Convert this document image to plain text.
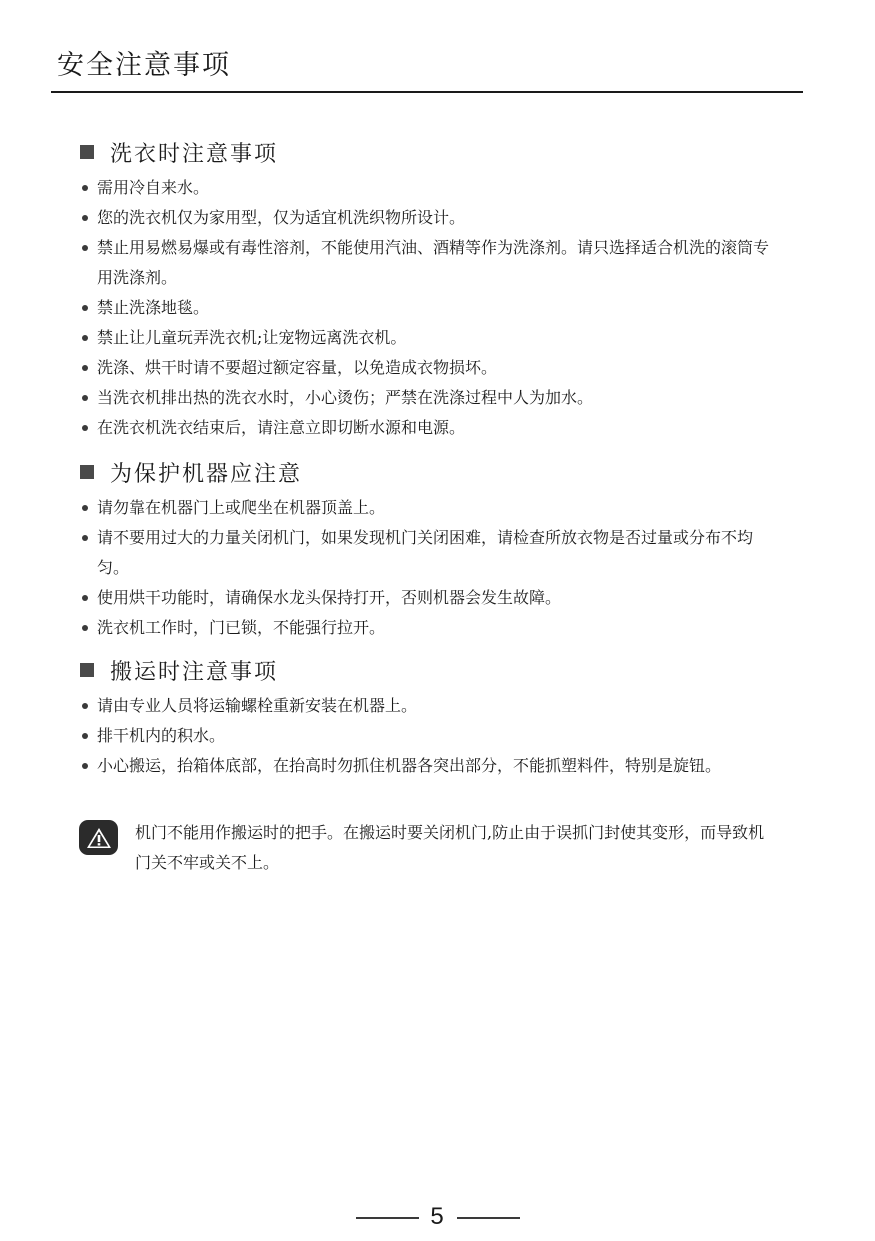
安全注意事项
洗衣时注意事项
需用冷自来水。
您的洗衣机仅为家用型，仅为适宜机洗织物所设计。
禁止用易燃易爆或有毒性溶剂，不能使用汽油、酒精等作为洗涤剂。请只选择适合机洗的滚筒专用洗涤剂。
禁止洗涤地毯。
禁止让儿童玩弄洗衣机;让宠物远离洗衣机。
洗涤、烘干时请不要超过额定容量，以免造成衣物损坏。
当洗衣机排出热的洗衣水时，小心烫伤；严禁在洗涤过程中人为加水。
在洗衣机洗衣结束后，请注意立即切断水源和电源。
为保护机器应注意
请勿靠在机器门上或爬坐在机器顶盖上。
请不要用过大的力量关闭机门，如果发现机门关闭困难，请检查所放衣物是否过量或分布不均匀。
使用烘干功能时，请确保水龙头保持打开，否则机器会发生故障。
洗衣机工作时，门已锁，不能强行拉开。
搬运时注意事项
请由专业人员将运输螺栓重新安装在机器上。
排干机内的积水。
小心搬运，抬箱体底部，在抬高时勿抓住机器各突出部分，不能抓塑料件，特别是旋钮。
机门不能用作搬运时的把手。在搬运时要关闭机门,防止由于误抓门封使其变形，而导致机门关不牢或关不上。
5
